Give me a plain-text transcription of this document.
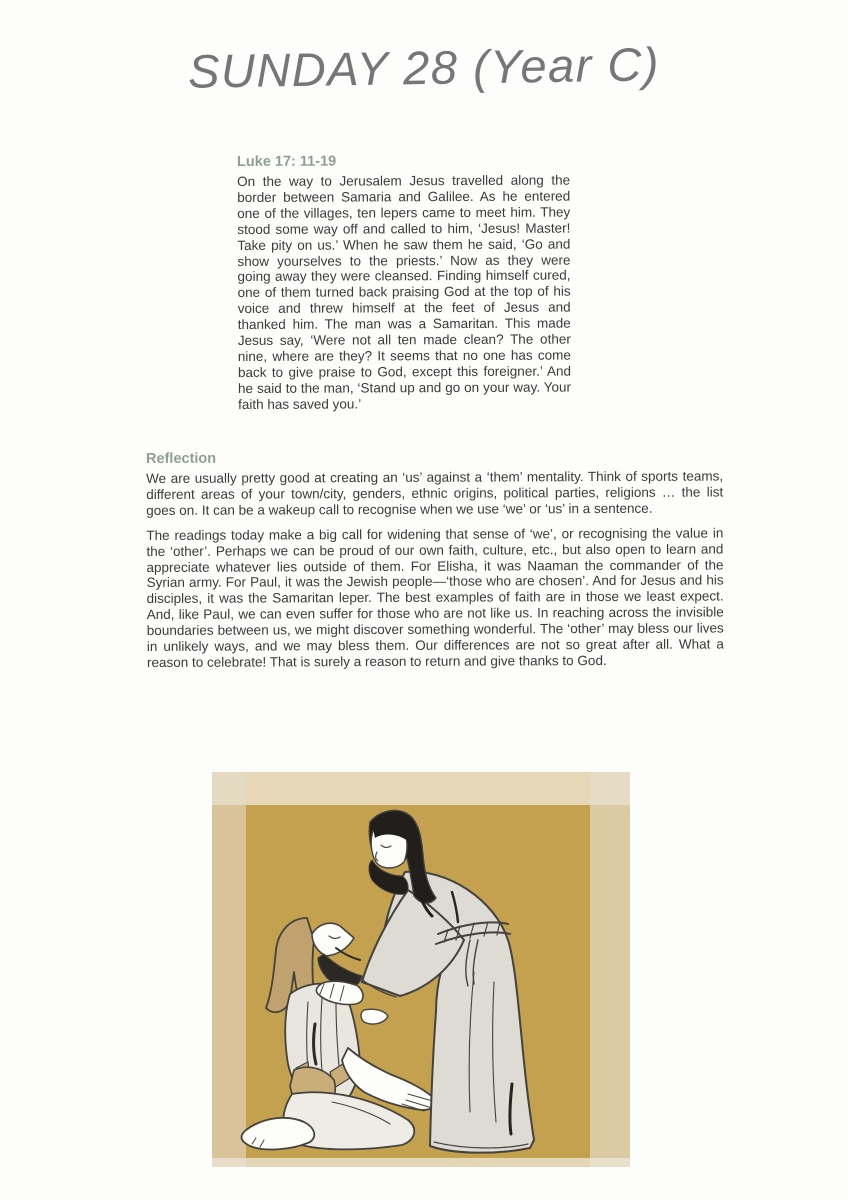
SUNDAY 28 (Year C)
Luke 17: 11-19

On the way to Jerusalem Jesus travelled along the border between Samaria and Galilee. As he entered one of the villages, ten lepers came to meet him. They stood some way off and called to him, ‘Jesus! Master! Take pity on us.’ When he saw them he said, ‘Go and show yourselves to the priests.’ Now as they were going away they were cleansed. Finding himself cured, one of them turned back praising God at the top of his voice and threw himself at the feet of Jesus and thanked him. The man was a Samaritan. This made Jesus say, ‘Were not all ten made clean? The other nine, where are they? It seems that no one has come back to give praise to God, except this foreigner.’ And he said to the man, ‘Stand up and go on your way. Your faith has saved you.’

Reflection

We are usually pretty good at creating an ‘us’ against a ‘them’ mentality. Think of sports teams, different areas of your town/city, genders, ethnic origins, political parties, religions … the list goes on. It can be a wakeup call to recognise when we use ‘we’ or ‘us’ in a sentence.

The readings today make a big call for widening that sense of ‘we’, or recognising the value in the ‘other’. Perhaps we can be proud of our own faith, culture, etc., but also open to learn and appreciate whatever lies outside of them. For Elisha, it was Naaman the commander of the Syrian army. For Paul, it was the Jewish people—‘those who are chosen’. And for Jesus and his disciples, it was the Samaritan leper. The best examples of faith are in those we least expect. And, like Paul, we can even suffer for those who are not like us. In reaching across the invisible boundaries between us, we might discover something wonderful. The ‘other’ may bless our lives in unlikely ways, and we may bless them. Our differences are not so great after all. What a reason to celebrate! That is surely a reason to return and give thanks to God.
